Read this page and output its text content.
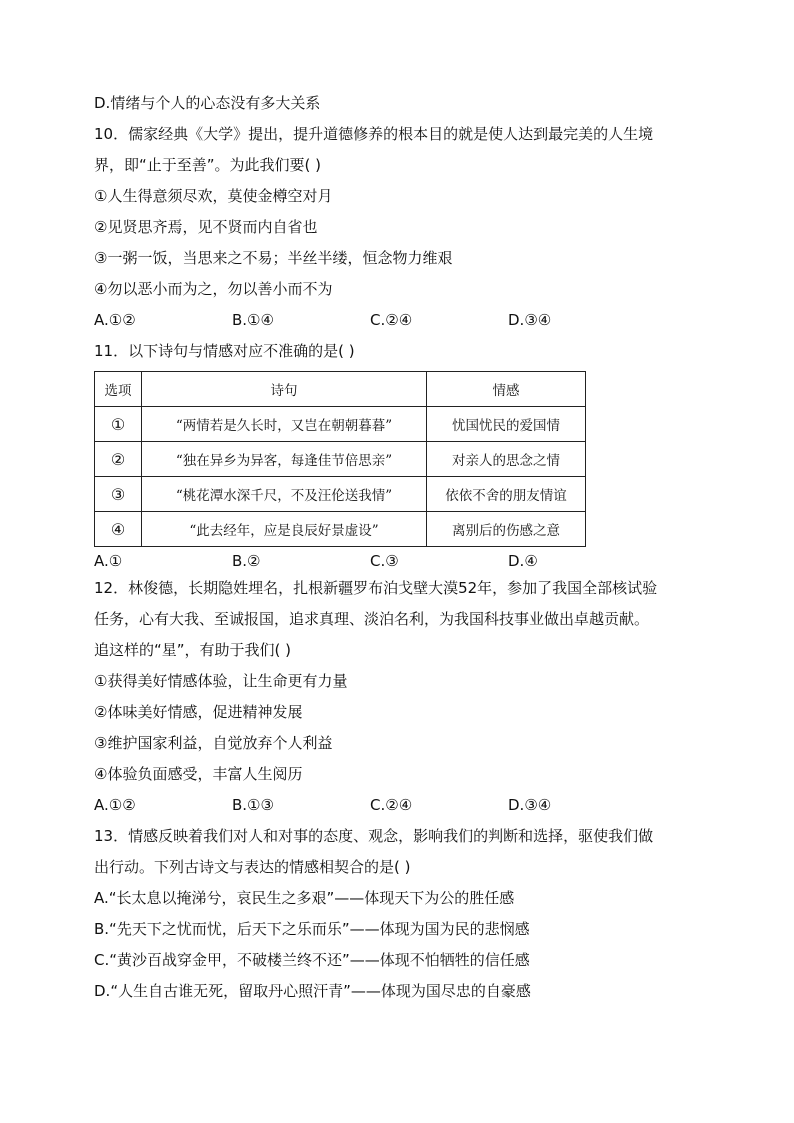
D.情绪与个人的心态没有多大关系
10．儒家经典《大学》提出，提升道德修养的根本目的就是使人达到最完美的人生境
界，即“止于至善”。为此我们要( )
①人生得意须尽欢，莫使金樽空对月
②见贤思齐焉，见不贤而内自省也
③一粥一饭，当思来之不易；半丝半缕，恒念物力维艰
④勿以恶小而为之，勿以善小而不为
A.①②	B.①④	C.②④	D.③④
11．以下诗句与情感对应不准确的是( )
选项	诗句	情感
①	“两情若是久长时，又岂在朝朝暮暮”	忧国忧民的爱国情
②	“独在异乡为异客，每逢佳节倍思亲”	对亲人的思念之情
③	“桃花潭水深千尺，不及汪伦送我情”	依依不舍的朋友情谊
④	“此去经年，应是良辰好景虚设”	离别后的伤感之意
A.①	B.②	C.③	D.④
12．林俊德，长期隐姓埋名，扎根新疆罗布泊戈壁大漠52年，参加了我国全部核试验
任务，心有大我、至诚报国，追求真理、淡泊名利，为我国科技事业做出卓越贡献。
追这样的“星”，有助于我们( )
①获得美好情感体验，让生命更有力量
②体味美好情感，促进精神发展
③维护国家利益，自觉放弃个人利益
④体验负面感受，丰富人生阅历
A.①②	B.①③	C.②④	D.③④
13．情感反映着我们对人和对事的态度、观念，影响我们的判断和选择，驱使我们做
出行动。下列古诗文与表达的情感相契合的是( )
A.“长太息以掩涕兮，哀民生之多艰”——体现天下为公的胜任感
B.“先天下之忧而忧，后天下之乐而乐”——体现为国为民的悲悯感
C.“黄沙百战穿金甲，不破楼兰终不还”——体现不怕牺牲的信任感
D.“人生自古谁无死，留取丹心照汗青”——体现为国尽忠的自豪感
